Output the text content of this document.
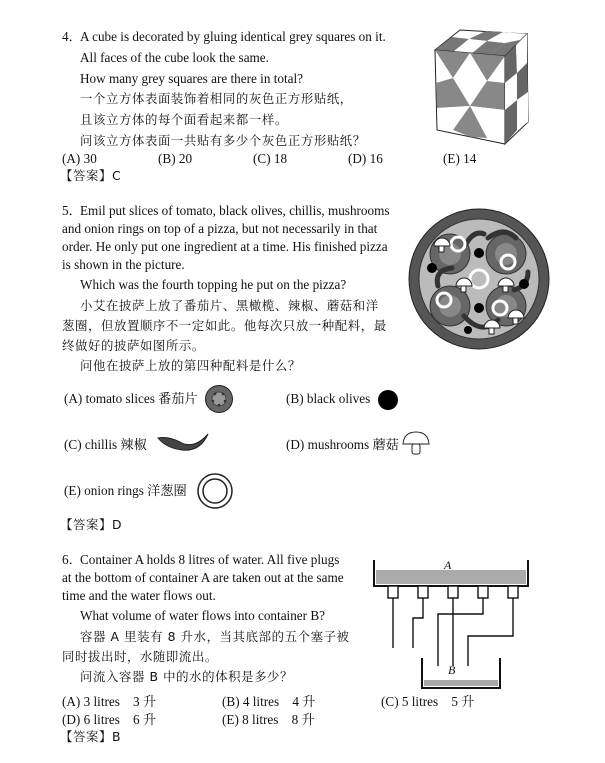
4．
A cube is decorated by gluing identical grey squares on it.
All faces of the cube look the same.
How many grey squares are there in total?
一个立方体表面装饰着相同的灰色正方形贴纸，
且该立方体的每个面看起来都一样。
问该立方体表面一共贴有多少个灰色正方形贴纸？
(A) 30	(B) 20	(C) 18	(D) 16	(E) 14
【答案】C
5．
Emil put slices of tomato, black olives, chillis, mushrooms
and onion rings on top of a pizza, but not necessarily in that
order. He only put one ingredient at a time. His finished pizza
is shown in the picture.
Which was the fourth topping he put on the pizza?
小艾在披萨上放了番茄片、黑橄榄、辣椒、蘑菇和洋
葱圈，但放置顺序不一定如此。他每次只放一种配料，最
终做好的披萨如图所示。
问他在披萨上放的第四种配料是什么？
(A) tomato slices 番茄片	(B) black olives
(C) chillis 辣椒	(D) mushrooms 蘑菇
(E) onion rings 洋葱圈
【答案】D
6．
Container A holds 8 litres of water. All five plugs
at the bottom of container A are taken out at the same
time and the water flows out.
What volume of water flows into container B?
容器 A 里装有 8 升水，当其底部的五个塞子被
同时拔出时，水随即流出。
问流入容器 B 中的水的体积是多少？
A
B
(A) 3 litres　3 升	(B) 4 litres　4 升	(C) 5 litres　5 升
(D) 6 litres　6 升	(E) 8 litres　8 升
【答案】B
